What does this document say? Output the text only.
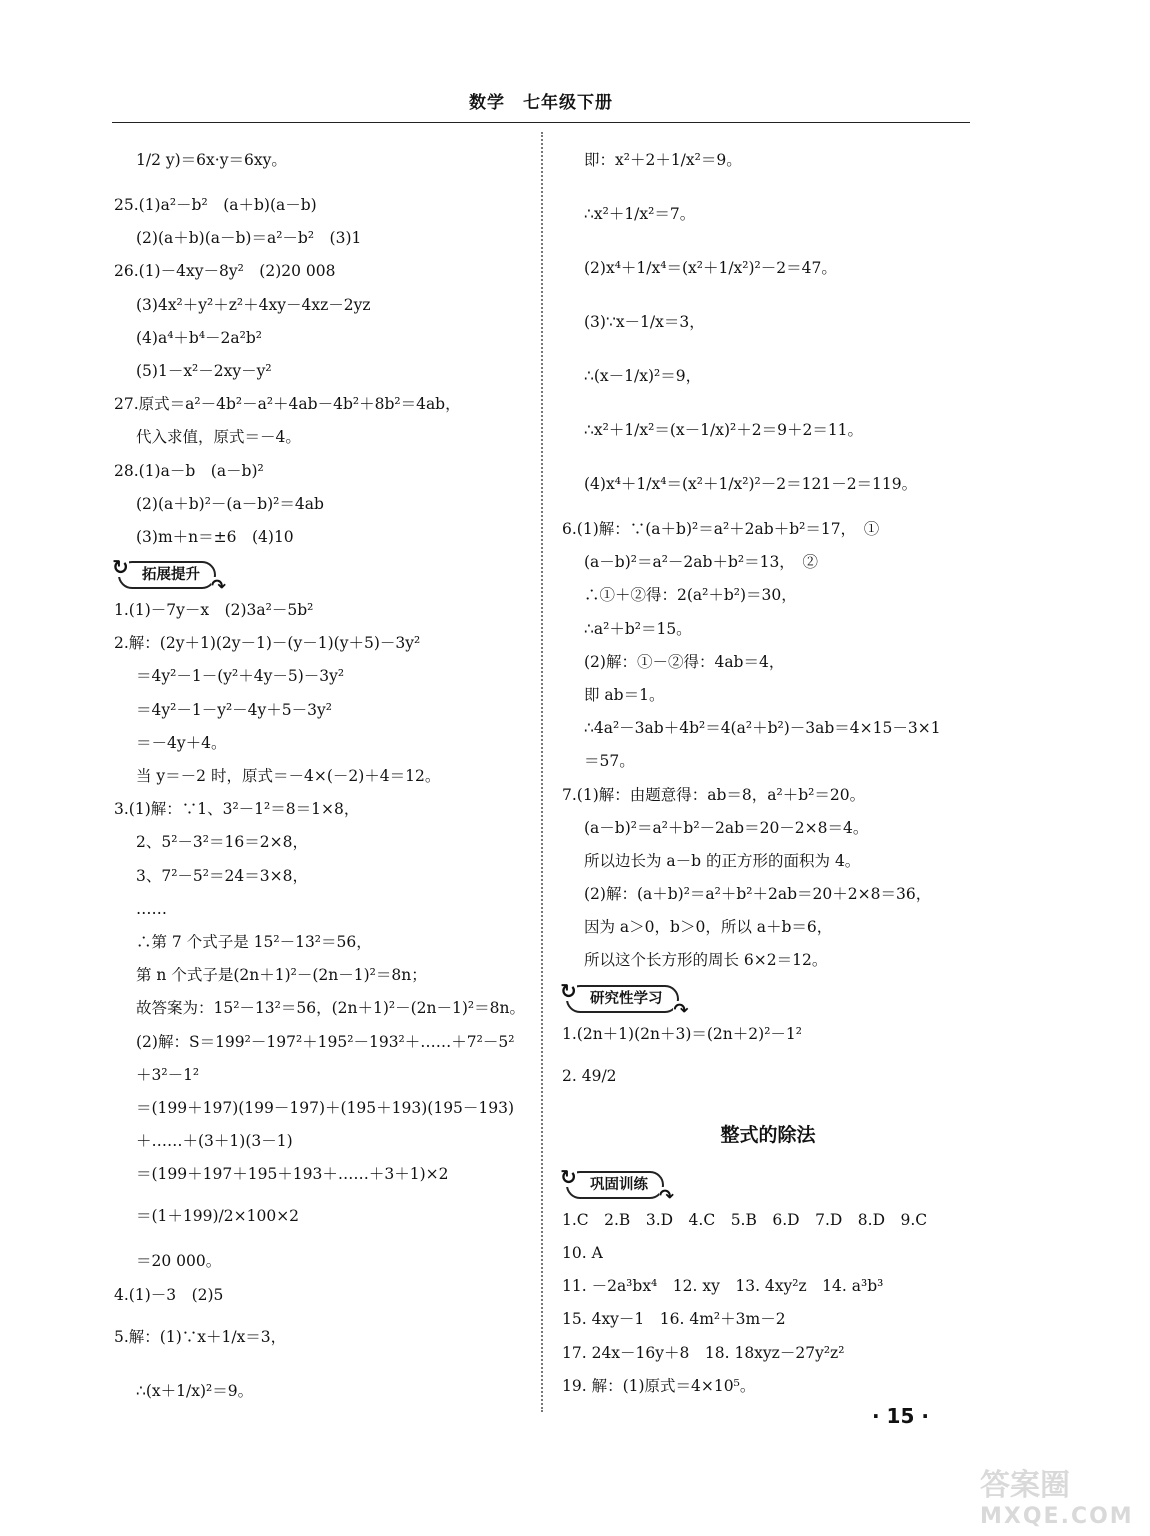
数学　七年级下册
1/2 y)＝6x·y＝6xy。
25.(1)a²－b²　(a＋b)(a－b)
(2)(a＋b)(a－b)＝a²－b²　(3)1
26.(1)－4xy－8y²　(2)20 008
(3)4x²＋y²＋z²＋4xy－4xz－2yz
(4)a⁴＋b⁴－2a²b²
(5)1－x²－2xy－y²
27.原式＝a²－4b²－a²＋4ab－4b²＋8b²＝4ab，
代入求值，原式＝－4。
28.(1)a－b　(a－b)²
(2)(a＋b)²－(a－b)²＝4ab
(3)m＋n＝±6　(4)10
↻ 拓展提升 ↷
1.(1)－7y－x　(2)3a²－5b²
2.解：(2y＋1)(2y－1)－(y－1)(y＋5)－3y²
＝4y²－1－(y²＋4y－5)－3y²
＝4y²－1－y²－4y＋5－3y²
＝－4y＋4。
当 y＝－2 时，原式＝－4×(－2)＋4＝12。
3.(1)解：∵1、3²－1²＝8＝1×8，
2、5²－3²＝16＝2×8，
3、7²－5²＝24＝3×8，
……
∴第 7 个式子是 15²－13²＝56，
第 n 个式子是(2n＋1)²－(2n－1)²＝8n；
故答案为：15²－13²＝56，(2n＋1)²－(2n－1)²＝8n。
(2)解：S＝199²－197²＋195²－193²＋……＋7²－5²
＋3²－1²
＝(199＋197)(199－197)＋(195＋193)(195－193)
＋……＋(3＋1)(3－1)
＝(199＋197＋195＋193＋……＋3＋1)×2
＝(1＋199)/2×100×2
＝20 000。
4.(1)－3　(2)5
5.解：(1)∵x＋1/x＝3，
∴(x＋1/x)²＝9。
即：x²＋2＋1/x²＝9。
∴x²＋1/x²＝7。
(2)x⁴＋1/x⁴＝(x²＋1/x²)²－2＝47。
(3)∵x－1/x＝3，
∴(x－1/x)²＝9，
∴x²＋1/x²＝(x－1/x)²＋2＝9＋2＝11。
(4)x⁴＋1/x⁴＝(x²＋1/x²)²－2＝121－2＝119。
6.(1)解：∵(a＋b)²＝a²＋2ab＋b²＝17，　①
(a－b)²＝a²－2ab＋b²＝13，　②
∴①＋②得：2(a²＋b²)＝30，
∴a²＋b²＝15。
(2)解：①－②得：4ab＝4，
即 ab＝1。
∴4a²－3ab＋4b²＝4(a²＋b²)－3ab＝4×15－3×1
＝57。
7.(1)解：由题意得：ab＝8，a²＋b²＝20。
(a－b)²＝a²＋b²－2ab＝20－2×8＝4。
所以边长为 a－b 的正方形的面积为 4。
(2)解：(a＋b)²＝a²＋b²＋2ab＝20＋2×8＝36，
因为 a＞0，b＞0，所以 a＋b＝6，
所以这个长方形的周长 6×2＝12。
↻ 研究性学习 ↷
1.(2n＋1)(2n＋3)＝(2n＋2)²－1²
2. 49/2
整式的除法
↻ 巩固训练 ↷
1.C　2.B　3.D　4.C　5.B　6.D　7.D　8.D　9.C
10. A
11. －2a³bx⁴　12. xy　13. 4xy²z　14. a³b³
15. 4xy－1　16. 4m²＋3m－2
17. 24x－16y＋8　18. 18xyz－27y²z²
19. 解：(1)原式＝4×10⁵。
· 15 ·
答案圈
MXQE.COM
